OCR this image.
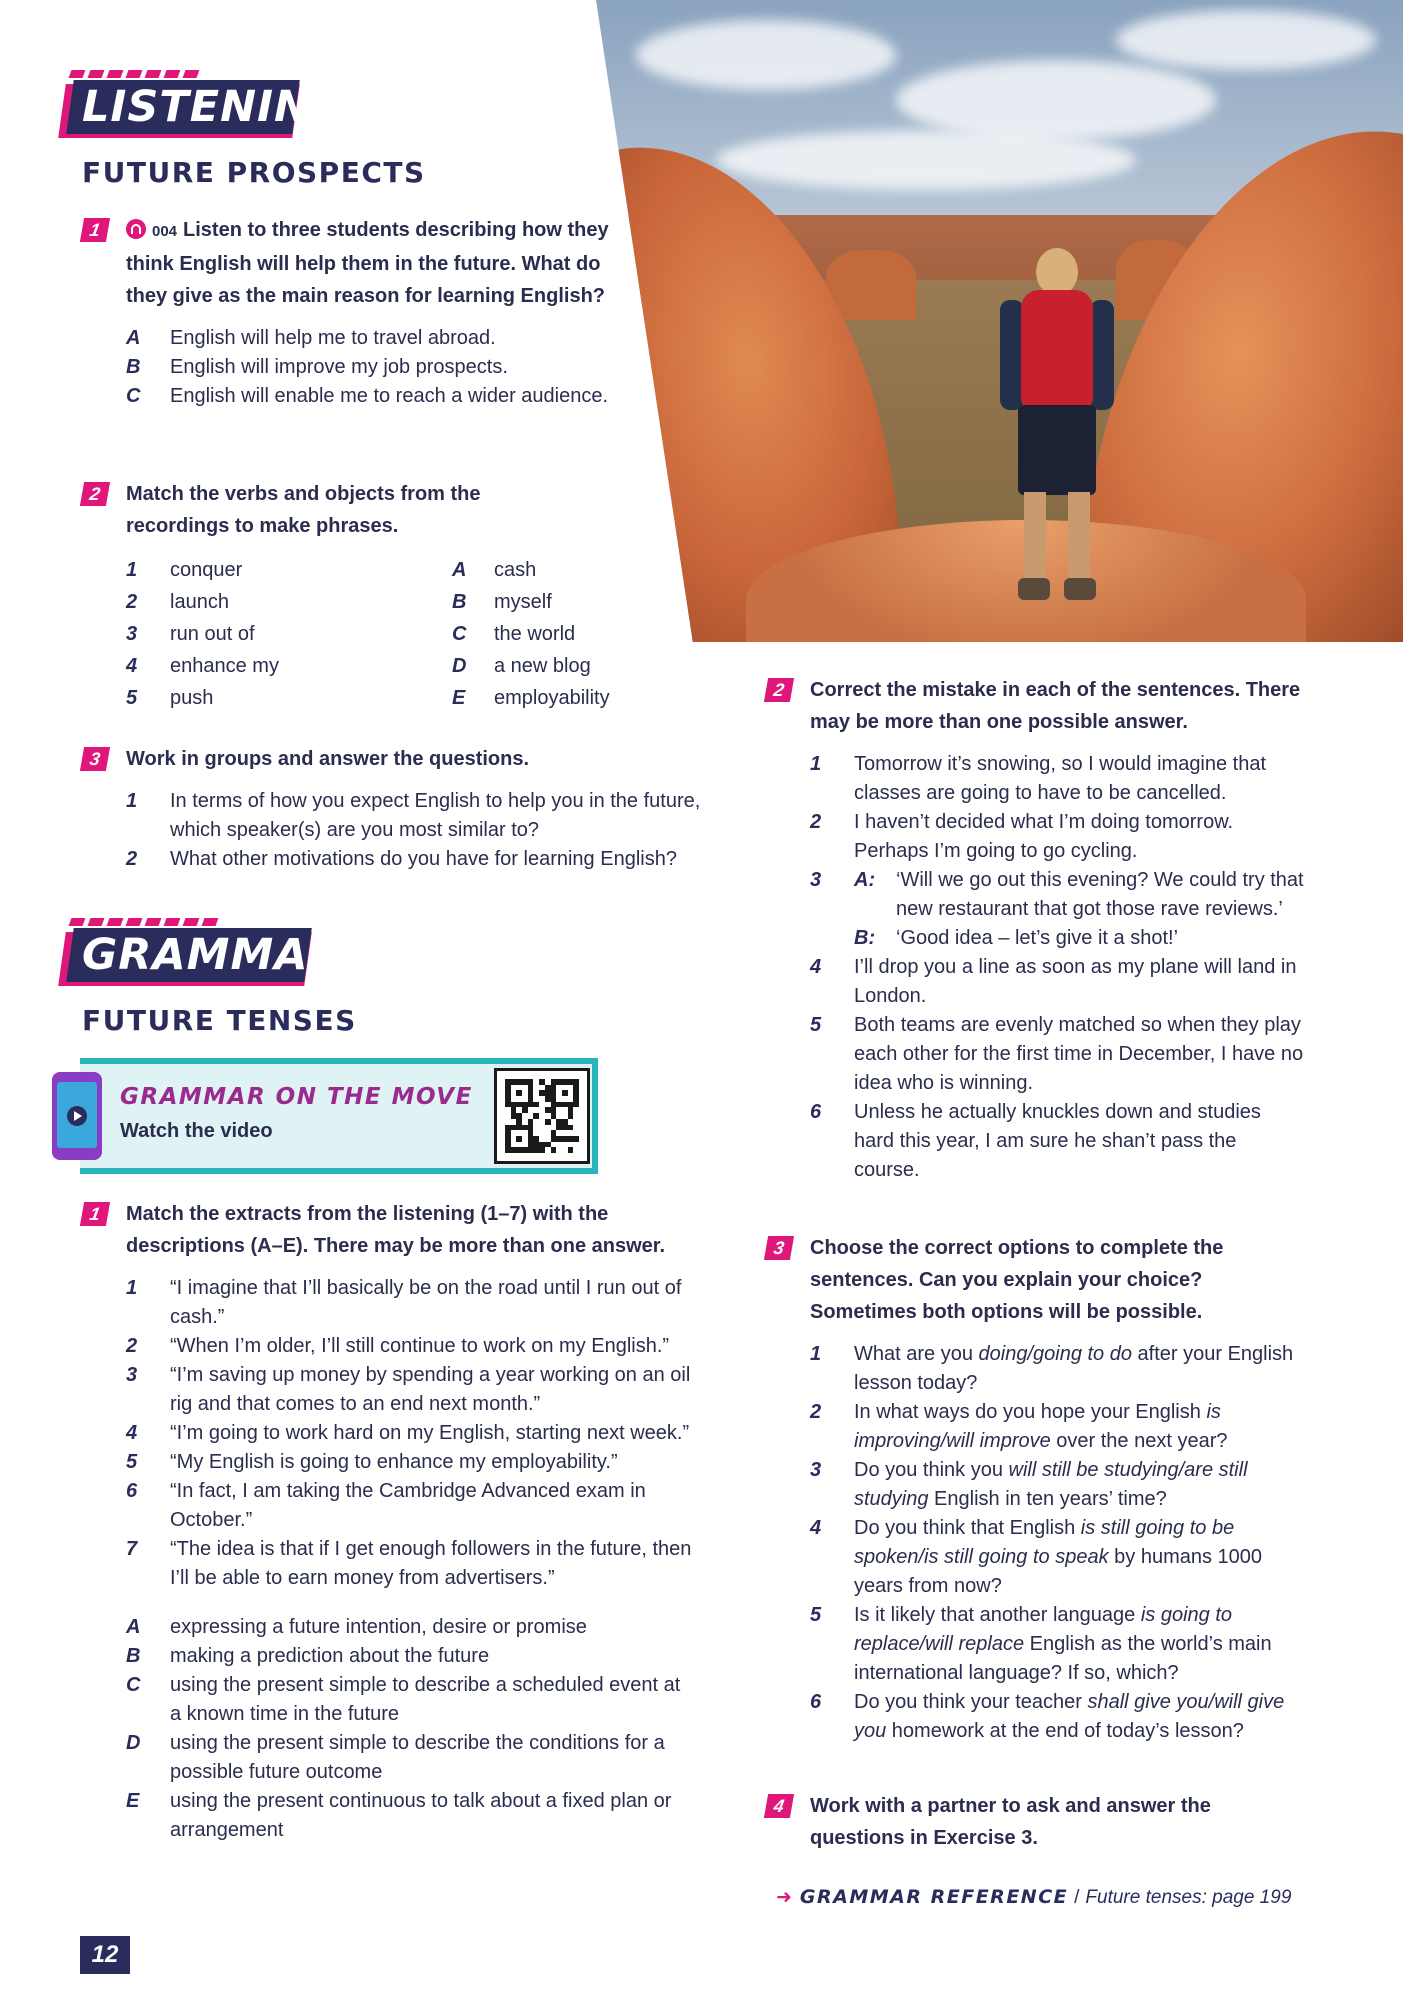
LISTENING
FUTURE PROSPECTS
1	004 Listen to three students describing how they think English will help them in the future. What do they give as the main reason for learning English?
A English will help me to travel abroad.
B English will improve my job prospects.
C English will enable me to reach a wider audience.
2	Match the verbs and objects from the recordings to make phrases.
1 conquer	A cash
2 launch	B myself
3 run out of	C the world
4 enhance my	D a new blog
5 push	E employability
3	Work in groups and answer the questions.
1 In terms of how you expect English to help you in the future, which speaker(s) are you most similar to?
2 What other motivations do you have for learning English?
GRAMMAR
FUTURE TENSES
GRAMMAR ON THE MOVE
Watch the video
1	Match the extracts from the listening (1–7) with the descriptions (A–E). There may be more than one answer.
1 “I imagine that I’ll basically be on the road until I run out of cash.”
2 “When I’m older, I’ll still continue to work on my English.”
3 “I’m saving up money by spending a year working on an oil rig and that comes to an end next month.”
4 “I’m going to work hard on my English, starting next week.”
5 “My English is going to enhance my employability.”
6 “In fact, I am taking the Cambridge Advanced exam in October.”
7 “The idea is that if I get enough followers in the future, then I’ll be able to earn money from advertisers.”
A expressing a future intention, desire or promise
B making a prediction about the future
C using the present simple to describe a scheduled event at a known time in the future
D using the present simple to describe the conditions for a possible future outcome
E using the present continuous to talk about a fixed plan or arrangement
2	Correct the mistake in each of the sentences. There may be more than one possible answer.
1 Tomorrow it’s snowing, so I would imagine that classes are going to have to be cancelled.
2 I haven’t decided what I’m doing tomorrow. Perhaps I’m going to go cycling.
3 A: ‘Will we go out this evening? We could try that new restaurant that got those rave reviews.’
B: ‘Good idea – let’s give it a shot!’
4 I’ll drop you a line as soon as my plane will land in London.
5 Both teams are evenly matched so when they play each other for the first time in December, I have no idea who is winning.
6 Unless he actually knuckles down and studies hard this year, I am sure he shan’t pass the course.
3	Choose the correct options to complete the sentences. Can you explain your choice? Sometimes both options will be possible.
1 What are you doing/going to do after your English lesson today?
2 In what ways do you hope your English is improving/will improve over the next year?
3 Do you think you will still be studying/are still studying English in ten years’ time?
4 Do you think that English is still going to be spoken/is still going to speak by humans 1000 years from now?
5 Is it likely that another language is going to replace/will replace English as the world’s main international language? If so, which?
6 Do you think your teacher shall give you/will give you homework at the end of today’s lesson?
4	Work with a partner to ask and answer the questions in Exercise 3.
➜ GRAMMAR REFERENCE / Future tenses: page 199
12
